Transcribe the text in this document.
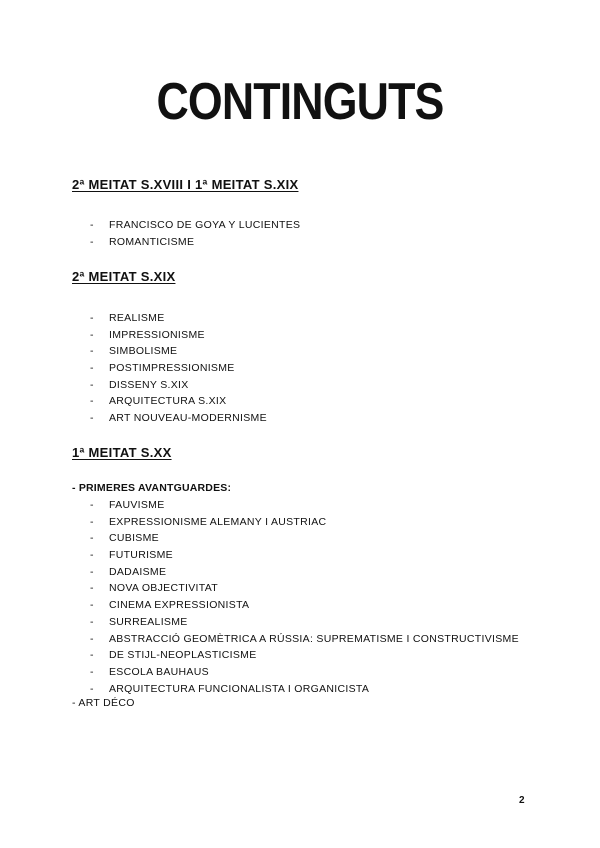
CONTINGUTS
2ª MEITAT S.XVIII I 1ª MEITAT S.XIX
- FRANCISCO DE GOYA Y LUCIENTES
- ROMANTICISME
2ª MEITAT S.XIX
- REALISME
- IMPRESSIONISME
- SIMBOLISME
- POSTIMPRESSIONISME
- DISSENY S.XIX
- ARQUITECTURA S.XIX
- ART NOUVEAU-MODERNISME
1ª MEITAT S.XX
- PRIMERES AVANTGUARDES:
- FAUVISME
- EXPRESSIONISME ALEMANY I AUSTRIAC
- CUBISME
- FUTURISME
- DADAISME
- NOVA OBJECTIVITAT
- CINEMA EXPRESSIONISTA
- SURREALISME
- ABSTRACCIÓ GEOMÈTRICA A RÚSSIA: SUPREMATISME I CONSTRUCTIVISME
- DE STIJL-NEOPLASTICISME
- ESCOLA BAUHAUS
- ARQUITECTURA FUNCIONALISTA I ORGANICISTA
- ART DÉCO
2
